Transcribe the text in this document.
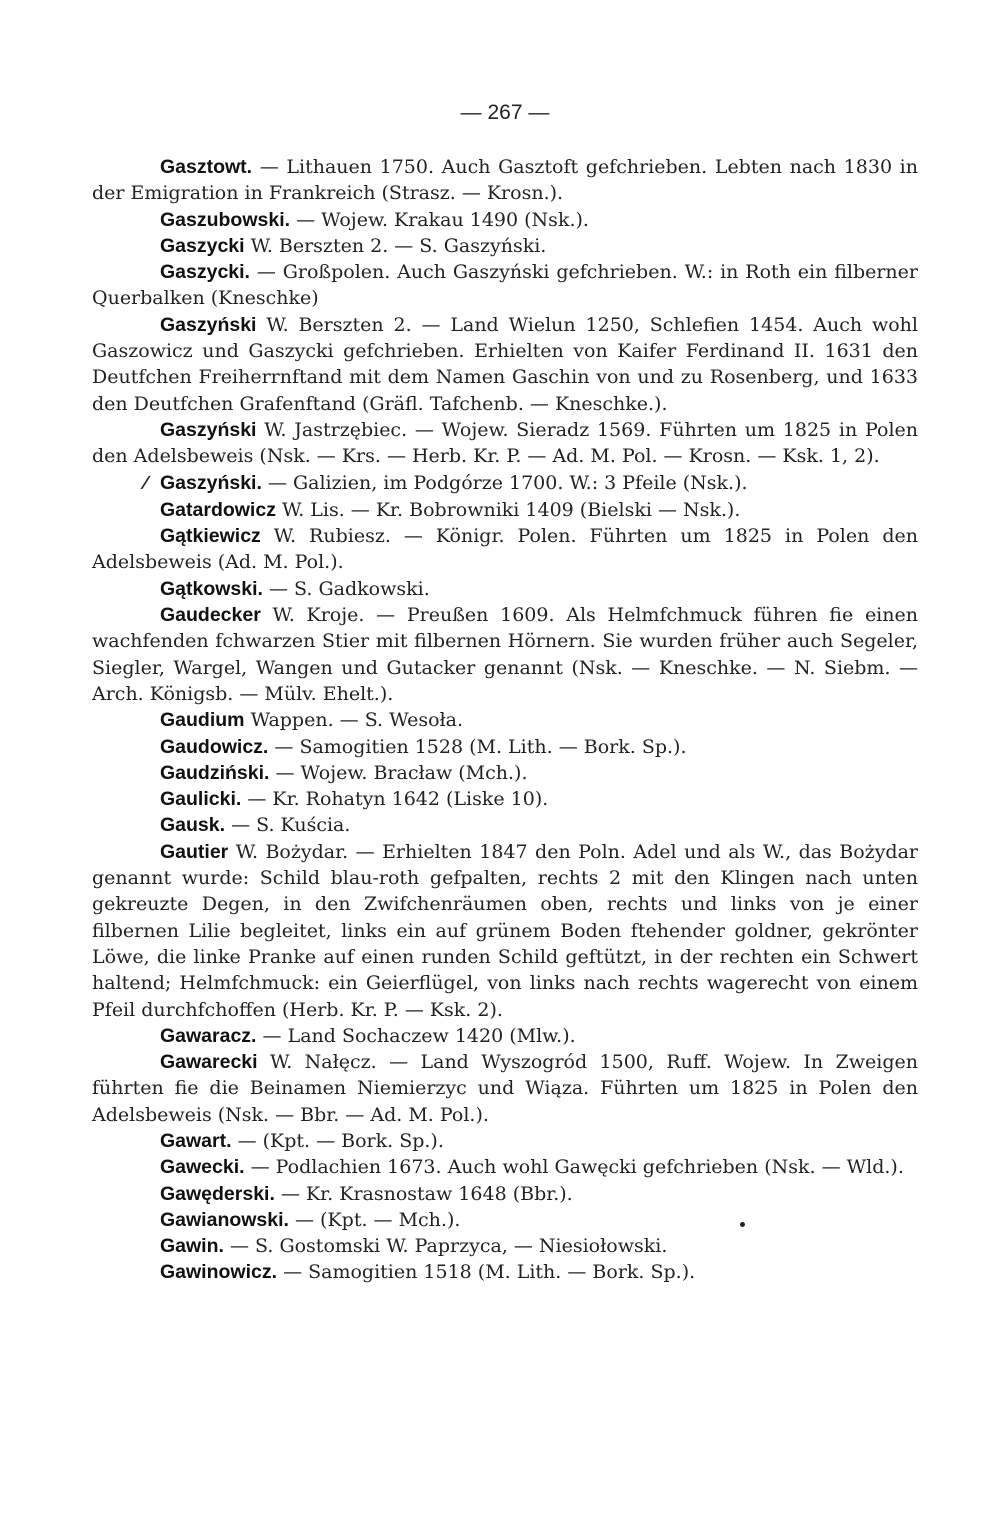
— 267 —

Gasztowt. — Lithauen 1750. Auch Gasztoft gefchrieben. Lebten nach 1830 in der Emigration in Frankreich (Strasz. — Krosn.).

Gaszubowski. — Wojew. Krakau 1490 (Nsk.).

Gaszycki W. Berszten 2. — S. Gaszyński.

Gaszycki. — Großpolen. Auch Gaszyński gefchrieben. W.: in Roth ein filberner Querbalken (Kneschke)

Gaszyński W. Berszten 2. — Land Wielun 1250, Schlefien 1454. Auch wohl Gaszowicz und Gaszycki gefchrieben. Erhielten von Kaifer Ferdinand II. 1631 den Deutfchen Freiherrnftand mit dem Namen Gaschin von und zu Rosenberg, und 1633 den Deutfchen Grafenftand (Gräfl. Tafchenb. — Kneschke.).

Gaszyński W. Jastrzębiec. — Wojew. Sieradz 1569. Führten um 1825 in Polen den Adelsbeweis (Nsk. — Krs. — Herb. Kr. P. — Ad. M. Pol. — Krosn. — Ksk. 1, 2).

∕ Gaszyński. — Galizien, im Podgórze 1700. W.: 3 Pfeile (Nsk.).

Gatardowicz W. Lis. — Kr. Bobrowniki 1409 (Bielski — Nsk.).

Gątkiewicz W. Rubiesz. — Königr. Polen. Führten um 1825 in Polen den Adelsbeweis (Ad. M. Pol.).

Gątkowski. — S. Gadkowski.

Gaudecker W. Kroje. — Preußen 1609. Als Helmfchmuck führen fie einen wachfenden fchwarzen Stier mit filbernen Hörnern. Sie wurden früher auch Segeler, Siegler, Wargel, Wangen und Gutacker genannt (Nsk. — Kneschke. — N. Siebm. — Arch. Königsb. — Mülv. Ehelt.).

Gaudium Wappen. — S. Wesoła.

Gaudowicz. — Samogitien 1528 (M. Lith. — Bork. Sp.).

Gaudziński. — Wojew. Bracław (Mch.).

Gaulicki. — Kr. Rohatyn 1642 (Liske 10).

Gausk. — S. Kuścia.

Gautier W. Bożydar. — Erhielten 1847 den Poln. Adel und als W., das Bożydar genannt wurde: Schild blau-roth gefpalten, rechts 2 mit den Klingen nach unten gekreuzte Degen, in den Zwifchenräumen oben, rechts und links von je einer filbernen Lilie begleitet, links ein auf grünem Boden ftehender goldner, gekrönter Löwe, die linke Pranke auf einen runden Schild geftützt, in der rechten ein Schwert haltend; Helmfchmuck: ein Geierflügel, von links nach rechts wagerecht von einem Pfeil durchfchoffen (Herb. Kr. P. — Ksk. 2).

Gawaracz. — Land Sochaczew 1420 (Mlw.).

Gawarecki W. Nałęcz. — Land Wyszogród 1500, Ruff. Wojew. In Zweigen führten fie die Beinamen Niemierzyc und Wiąza. Führten um 1825 in Polen den Adelsbeweis (Nsk. — Bbr. — Ad. M. Pol.).

Gawart. — (Kpt. — Bork. Sp.).

Gawecki. — Podlachien 1673. Auch wohl Gawęcki gefchrieben (Nsk. — Wld.).

Gawęderski. — Kr. Krasnostaw 1648 (Bbr.).

Gawianowski. — (Kpt. — Mch.).

Gawin. — S. Gostomski W. Paprzyca, — Niesiołowski.

Gawinowicz. — Samogitien 1518 (M. Lith. — Bork. Sp.).
